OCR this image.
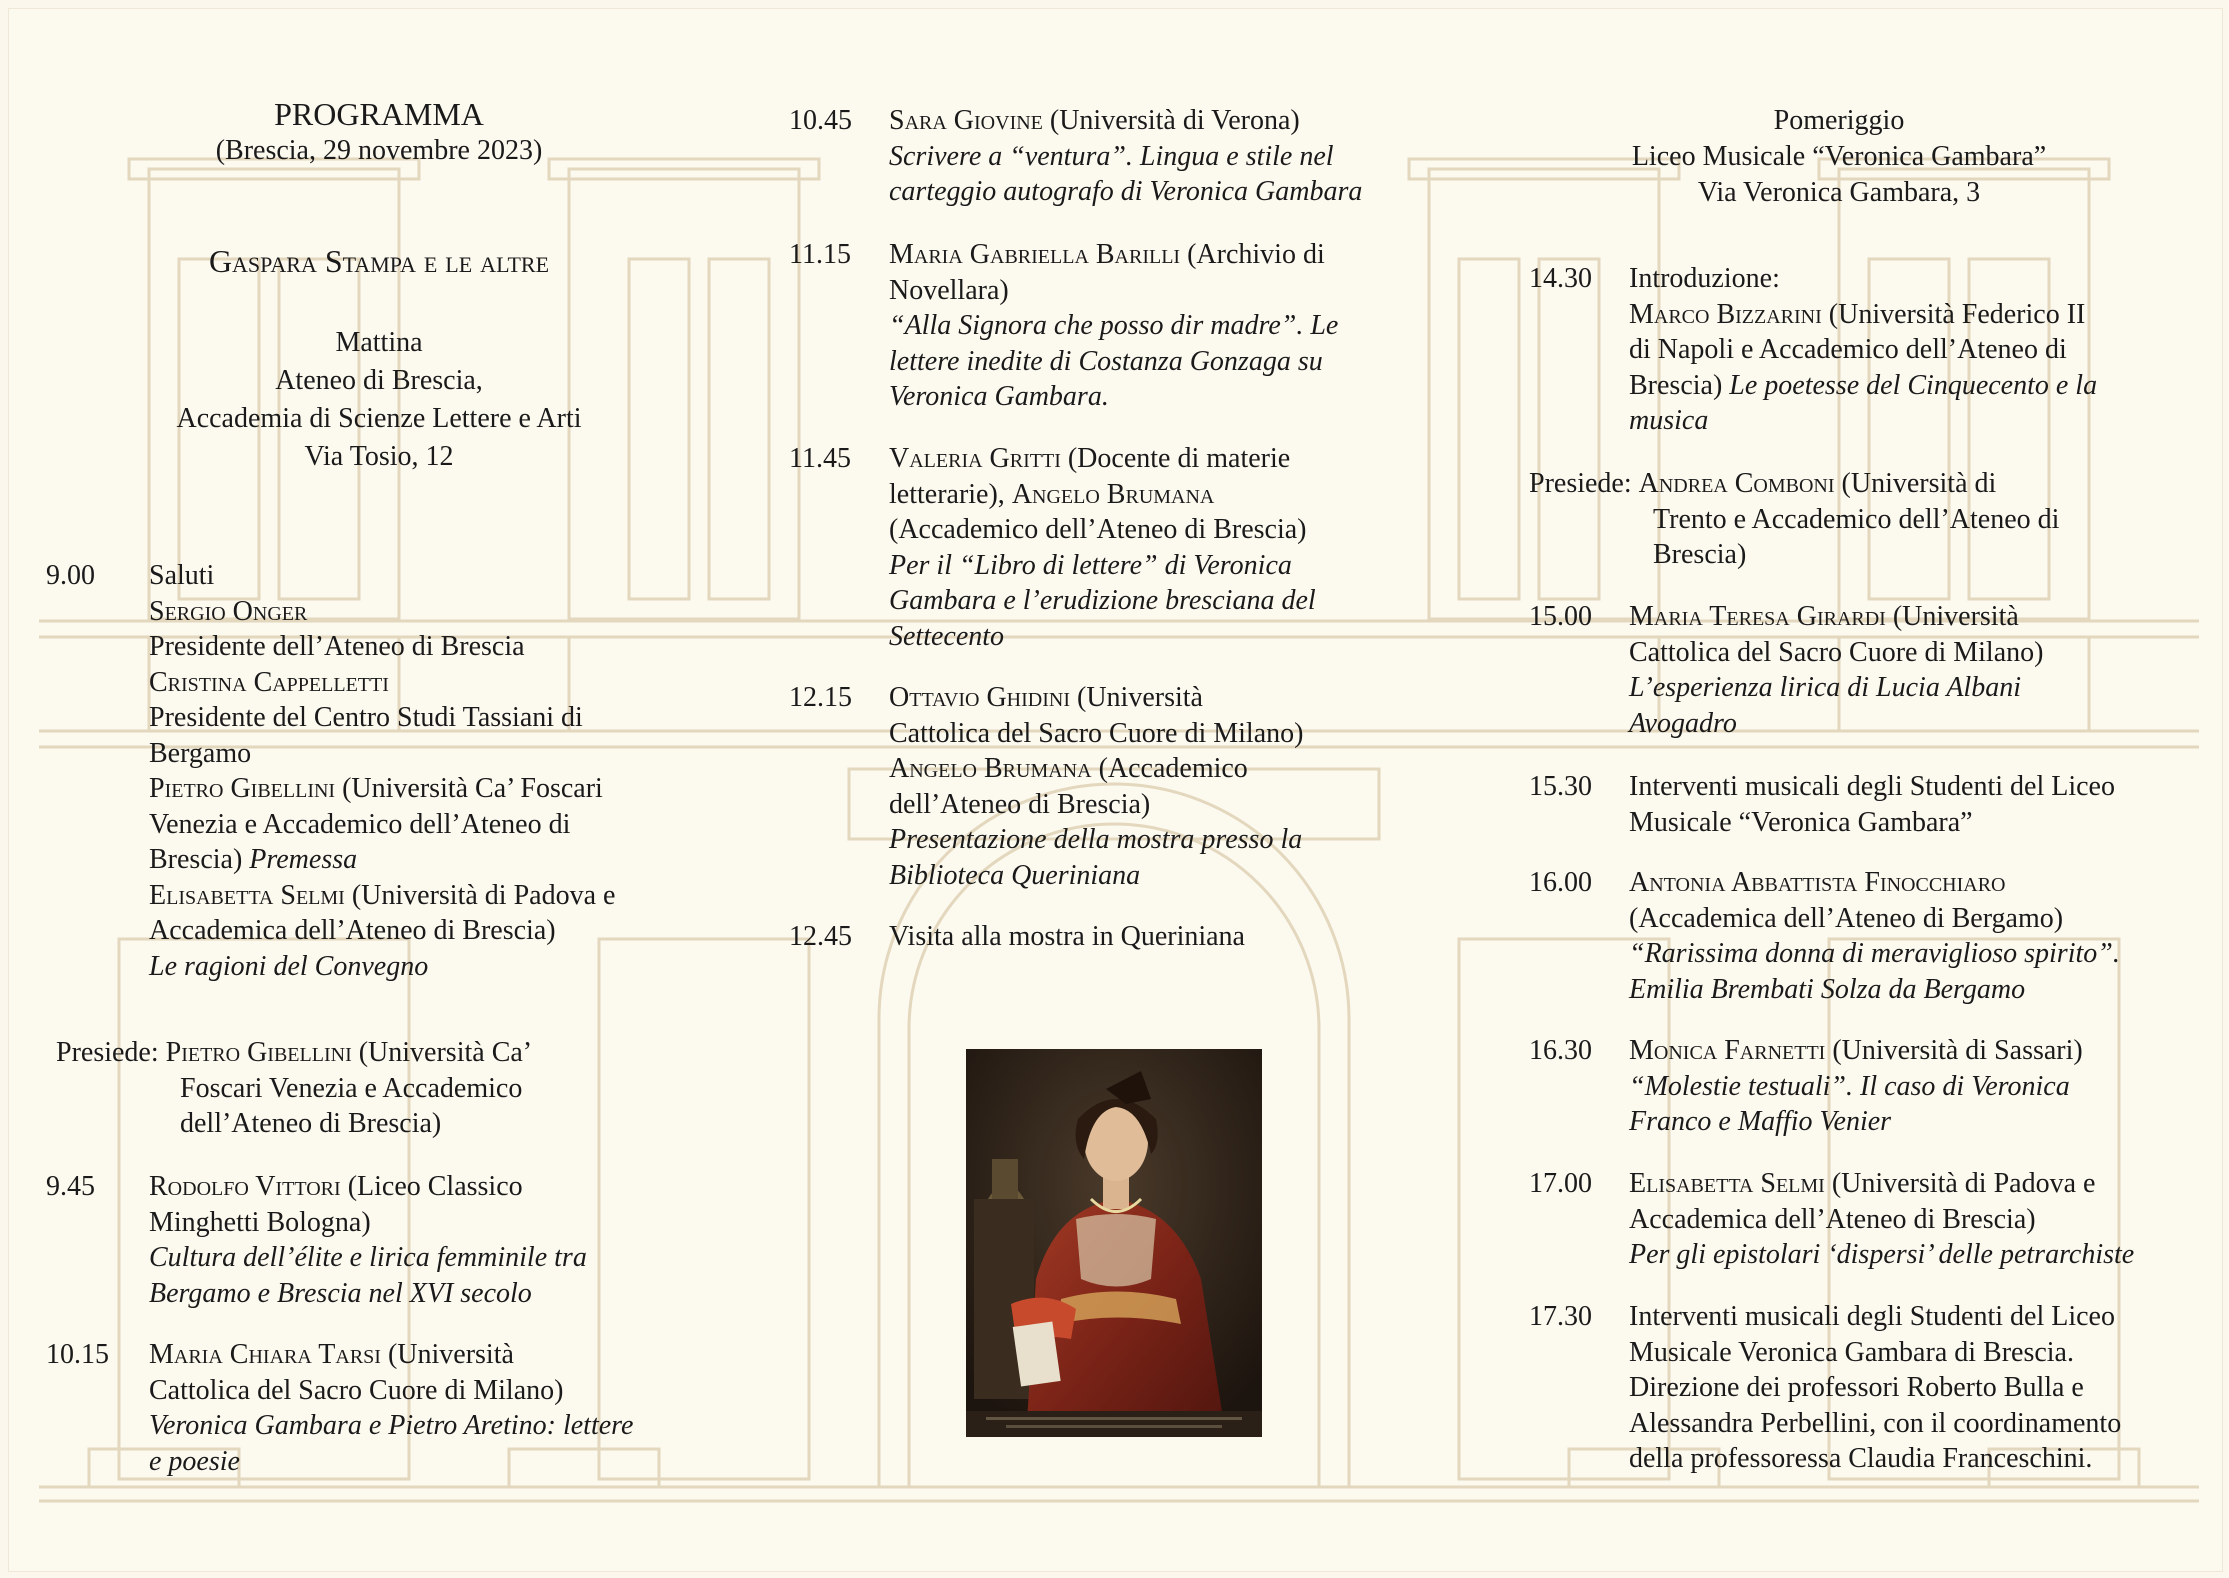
PROGRAMMA
(Brescia, 29 novembre 2023)
Gaspara Stampa e le altre
Mattina
Ateneo di Brescia,
Accademia di Scienze Lettere e Arti
Via Tosio, 12
9.00 Saluti
Sergio Onger
Presidente dell’Ateneo di Brescia
Cristina Cappelletti
Presidente del Centro Studi Tassiani di
Bergamo
Pietro Gibellini (Università Ca’ Foscari
Venezia e Accademico dell’Ateneo di
Brescia) Premessa
Elisabetta Selmi (Università di Padova e
Accademica dell’Ateneo di Brescia)
Le ragioni del Convegno
Presiede: Pietro Gibellini (Università Ca’
Foscari Venezia e Accademico
dell’Ateneo di Brescia)
9.45 Rodolfo Vittori (Liceo Classico
Minghetti Bologna)
Cultura dell’élite e lirica femminile tra
Bergamo e Brescia nel XVI secolo
10.15 Maria Chiara Tarsi (Università
Cattolica del Sacro Cuore di Milano)
Veronica Gambara e Pietro Aretino: lettere
e poesie
10.45 Sara Giovine (Università di Verona)
Scrivere a “ventura”. Lingua e stile nel
carteggio autografo di Veronica Gambara
11.15 Maria Gabriella Barilli (Archivio di
Novellara)
“Alla Signora che posso dir madre”. Le
lettere inedite di Costanza Gonzaga su
Veronica Gambara.
11.45 Valeria Gritti (Docente di materie
letterarie), Angelo Brumana
(Accademico dell’Ateneo di Brescia)
Per il “Libro di lettere” di Veronica
Gambara e l’erudizione bresciana del
Settecento
12.15 Ottavio Ghidini (Università
Cattolica del Sacro Cuore di Milano)
Angelo Brumana (Accademico
dell’Ateneo di Brescia)
Presentazione della mostra presso la
Biblioteca Queriniana
12.45 Visita alla mostra in Queriniana
Pomeriggio
Liceo Musicale “Veronica Gambara”
Via Veronica Gambara, 3
14.30 Introduzione:
Marco Bizzarini (Università Federico II
di Napoli e Accademico dell’Ateneo di
Brescia) Le poetesse del Cinquecento e la
musica
Presiede: Andrea Comboni (Università di
Trento e Accademico dell’Ateneo di
Brescia)
15.00 Maria Teresa Girardi (Università
Cattolica del Sacro Cuore di Milano)
L’esperienza lirica di Lucia Albani
Avogadro
15.30 Interventi musicali degli Studenti del Liceo
Musicale “Veronica Gambara”
16.00 Antonia Abbattista Finocchiaro
(Accademica dell’Ateneo di Bergamo)
“Rarissima donna di meraviglioso spirito”.
Emilia Brembati Solza da Bergamo
16.30 Monica Farnetti (Università di Sassari)
“Molestie testuali”. Il caso di Veronica
Franco e Maffio Venier
17.00 Elisabetta Selmi (Università di Padova e
Accademica dell’Ateneo di Brescia)
Per gli epistolari ‘dispersi’ delle petrarchiste
17.30 Interventi musicali degli Studenti del Liceo
Musicale Veronica Gambara di Brescia.
Direzione dei professori Roberto Bulla e
Alessandra Perbellini, con il coordinamento
della professoressa Claudia Franceschini.
